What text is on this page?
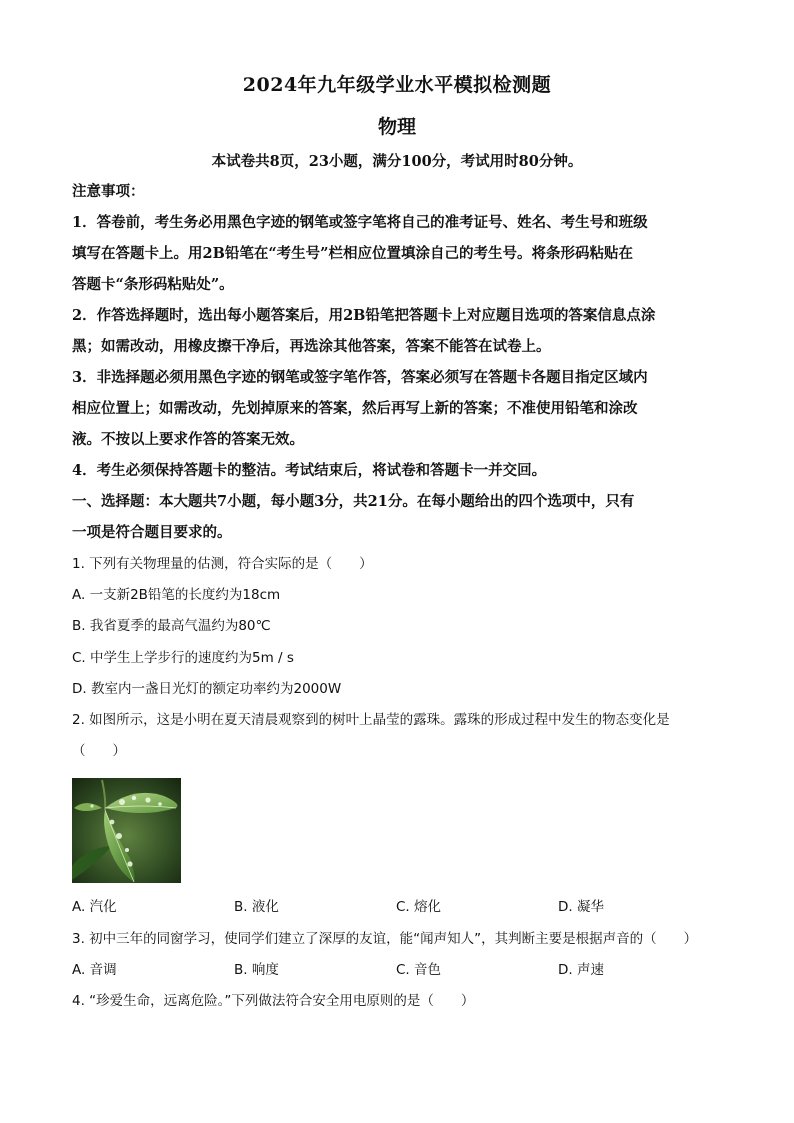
2024年九年级学业水平模拟检测题
物理
本试卷共8页，23小题，满分100分，考试用时80分钟。
注意事项：
1．答卷前，考生务必用黑色字迹的钢笔或签字笔将自己的准考证号、姓名、考生号和班级
填写在答题卡上。用2B铅笔在“考生号”栏相应位置填涂自己的考生号。将条形码粘贴在
答题卡“条形码粘贴处”。
2．作答选择题时，选出每小题答案后，用2B铅笔把答题卡上对应题目选项的答案信息点涂
黑；如需改动，用橡皮擦干净后，再选涂其他答案，答案不能答在试卷上。
3．非选择题必须用黑色字迹的钢笔或签字笔作答，答案必须写在答题卡各题目指定区域内
相应位置上；如需改动，先划掉原来的答案，然后再写上新的答案；不准使用铅笔和涂改
液。不按以上要求作答的答案无效。
4．考生必须保持答题卡的整洁。考试结束后，将试卷和答题卡一并交回。
一、选择题：本大题共7小题，每小题3分，共21分。在每小题给出的四个选项中，只有
一项是符合题目要求的。
1. 下列有关物理量的估测，符合实际的是（　　）
A. 一支新2B铅笔的长度约为18cm
B. 我省夏季的最高气温约为80℃
C. 中学生上学步行的速度约为5m / s
D. 教室内一盏日光灯的额定功率约为2000W
2. 如图所示，这是小明在夏天清晨观察到的树叶上晶莹的露珠。露珠的形成过程中发生的物态变化是
（　　）
A. 汽化	B. 液化	C. 熔化	D. 凝华
3. 初中三年的同窗学习，使同学们建立了深厚的友谊，能“闻声知人”，其判断主要是根据声音的（　　）
A. 音调	B. 响度	C. 音色	D. 声速
4. “珍爱生命，远离危险。”下列做法符合安全用电原则的是（　　）
